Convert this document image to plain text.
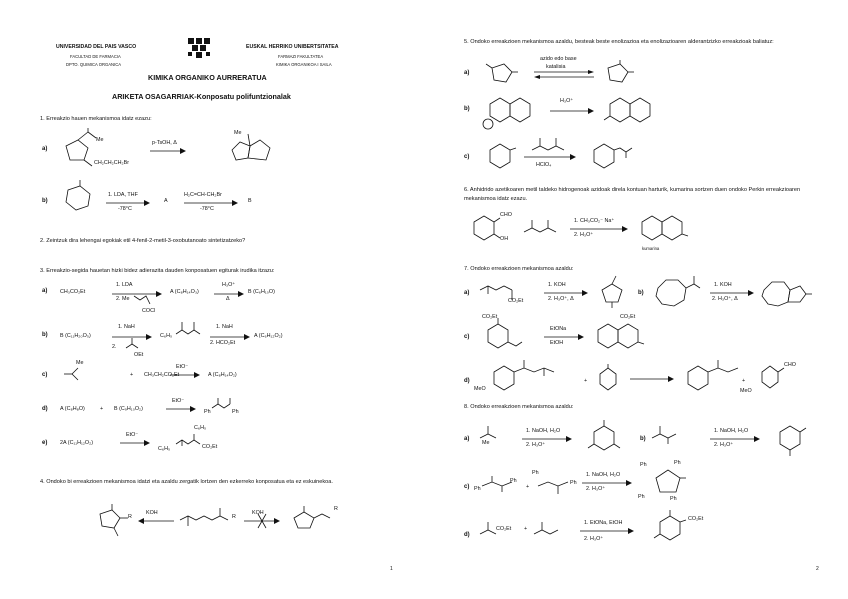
UNIVERSIDAD DEL PAIS VASCO
FACULTAD DE FARMACIA
DPTO. QUIMICA ORGANICA
EUSKAL HERRIKO UNIBERTSITATEA
FARMAZI FAKULTATEA
KIMIKA ORGANIKOA I SAILA
KIMIKA ORGANIKO AURRERATUA
ARIKETA OSAGARRIAK-Konposatu polifuntzionalak
1. Erreakzio hauen mekanismoa idatz ezazu:
a)
Me
CH₂CH₂CH₂Br
p-TsOH, Δ
Me
b)
1. LDA, THF
-78°C
A
H₂C=CH-CH₂Br
-78°C
B
2. Zeintzuk dira lehengai egokiak etil 4-fenil-2-metil-3-oxobutanoato sintetizatzeko?
3. Erreakzio-segida hauetan hizki bidez adierazita dauden konposatuen egiturak irudika itzazu:
a) CH₃CO₂Et
1. LDA
2. Me
COCl
A (C₈H₁₄O₃)
H₃O⁺
Δ
B (C₆H₁₀O)
b) B (C₁₁H₂₀O₅)
1. NaH
2.
OEt
C₆H₅
1. NaH
2. HCO₂Et
A (C₆H₁₂O₂)
c)
Me
+ CH₃CH₂CO₂Et
EtO⁻
A (C₈H₁₄O₂)
d) A (C₈H₈O)	+ B (C₉H₁₀O₂)
EtO⁻
Ph	Ph
e) 2A (C₁₁H₁₂O₂)
EtO⁻
C₆H₅
C₆H₅
CO₂Et
4. Ondoko bi erreakzioen mekanismoa idatzi eta azaldu zergatik lortzen den ezkerreko konposatua eta ez eskuinekoa.
R
KOH
R
KOH
R
1
5. Ondoko erreakzioen mekanismoa azaldu, besteak beste enolizazioa eta enolizazioaren alderantzizko erreakzioak baliatuz:
a)
azido edo base
katalisia
b)
H₃O⁺
c)
HClO₄
6. Anhidrido azetikoaren metil taldeko hidrogenoak azidoak direla kontuan harturik, kumarina sortzen duen ondoko Perkin erreakzioaren mekanismoa idatz ezazu.
CHO
OH
1. CH₃CO₂⁻ Na⁺
2. H₃O⁺
kumarina
7. Ondoko erreakzioen mekanismoa azaldu:
a)
CO₂Et
1. KOH
2. H₃O⁺, Δ
b)
1. KOH
2. H₃O⁺, Δ
c)
CO₂Et
EtONa
EtOH
CO₂Et
d)
MeO
+	+
MeO
CHO
8. Ondoko erreakzioen mekanismoa azaldu:
a)
Me
1. NaOH, H₂O
2. H₃O⁺
b)
1. NaOH, H₂O
2. H₃O⁺
c) Ph
Ph
+
Ph
Ph
1. NaOH, H₂O
2. H₃O⁺
Ph	Ph
Ph	Ph
d)
CO₂Et +
1. EtONa, EtOH
2. H₃O⁺
CO₂Et
2
